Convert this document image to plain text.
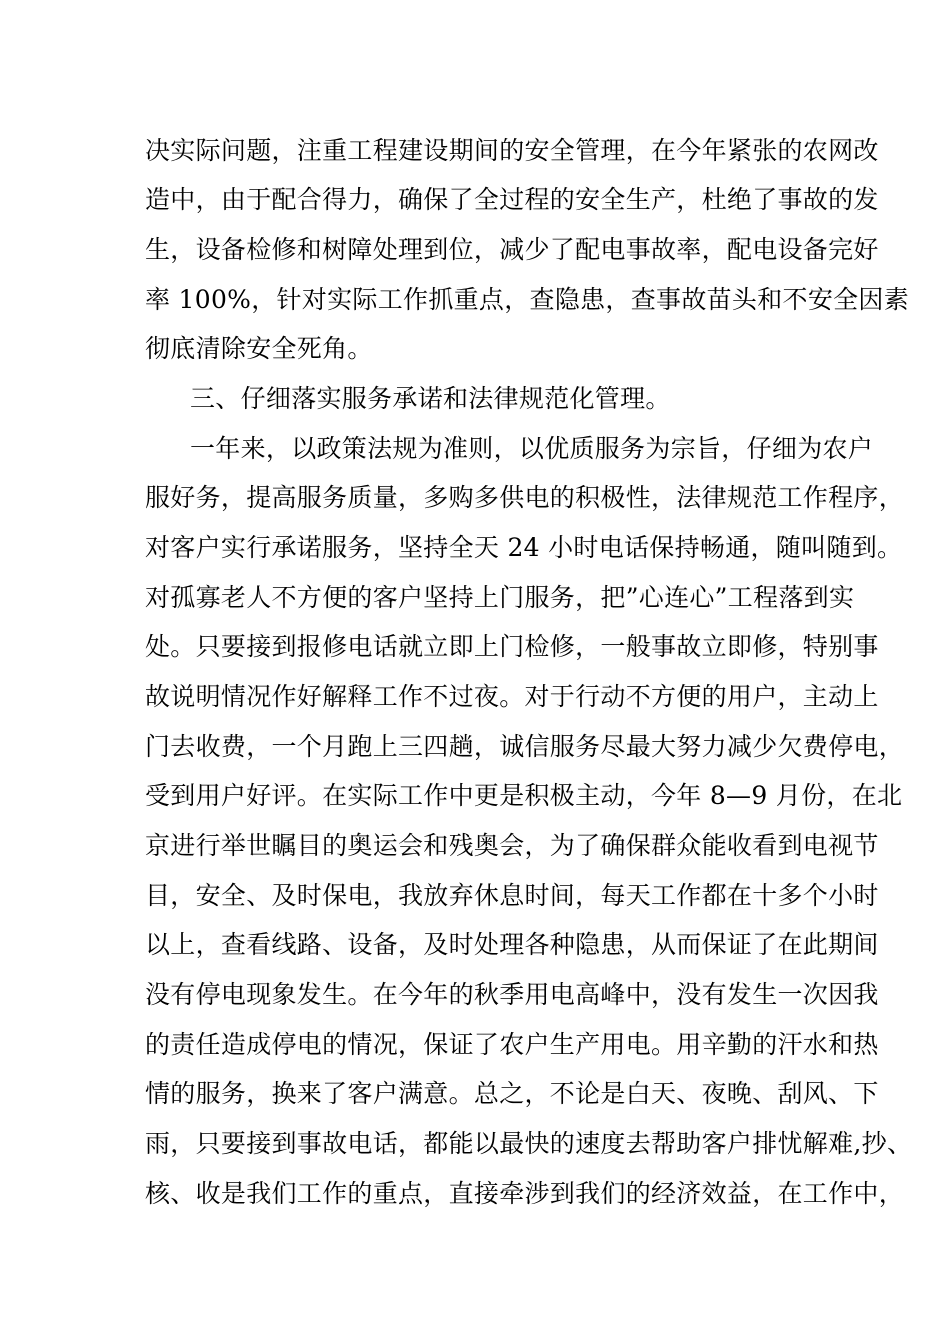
决实际问题，注重工程建设期间的安全管理，在今年紧张的农网改
造中，由于配合得力，确保了全过程的安全生产，杜绝了事故的发
生，设备检修和树障处理到位，减少了配电事故率，配电设备完好
率 100%，针对实际工作抓重点，查隐患，查事故苗头和不安全因素
彻底清除安全死角。
三、仔细落实服务承诺和法律规范化管理。
一年来，以政策法规为准则，以优质服务为宗旨，仔细为农户
服好务，提高服务质量，多购多供电的积极性，法律规范工作程序，
对客户实行承诺服务，坚持全天 24 小时电话保持畅通，随叫随到。
对孤寡老人不方便的客户坚持上门服务，把”心连心”工程落到实
处。只要接到报修电话就立即上门检修，一般事故立即修，特别事
故说明情况作好解释工作不过夜。对于行动不方便的用户，主动上
门去收费，一个月跑上三四趟，诚信服务尽最大努力减少欠费停电，
受到用户好评。在实际工作中更是积极主动，今年 8—9 月份，在北
京进行举世瞩目的奥运会和残奥会，为了确保群众能收看到电视节
目，安全、及时保电，我放弃休息时间，每天工作都在十多个小时
以上，查看线路、设备，及时处理各种隐患，从而保证了在此期间
没有停电现象发生。在今年的秋季用电高峰中，没有发生一次因我
的责任造成停电的情况，保证了农户生产用电。用辛勤的汗水和热
情的服务，换来了客户满意。总之，不论是白天、夜晚、刮风、下
雨，只要接到事故电话，都能以最快的速度去帮助客户排忧解难,抄、
核、收是我们工作的重点，直接牵涉到我们的经济效益，在工作中，
